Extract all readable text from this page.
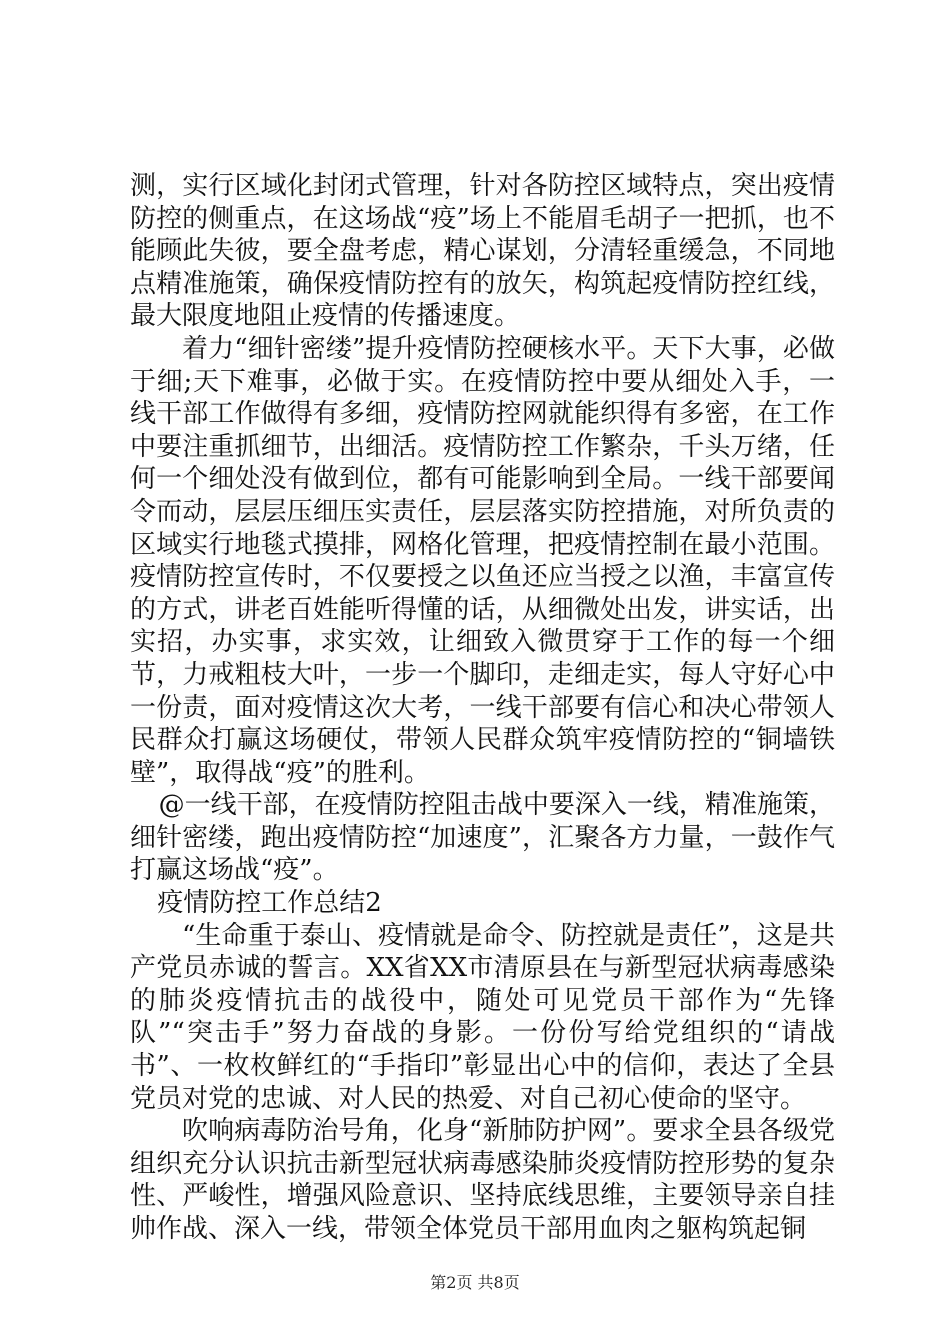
测，实行区域化封闭式管理，针对各防控区域特点，突出疫情防控的侧重点，在这场战“疫”场上不能眉毛胡子一把抓，也不能顾此失彼，要全盘考虑，精心谋划，分清轻重缓急，不同地点精准施策，确保疫情防控有的放矢，构筑起疫情防控红线，最大限度地阻止疫情的传播速度。

着力“细针密缕”提升疫情防控硬核水平。天下大事，必做于细;天下难事，必做于实。在疫情防控中要从细处入手，一线干部工作做得有多细，疫情防控网就能织得有多密，在工作中要注重抓细节，出细活。疫情防控工作繁杂，千头万绪，任何一个细处没有做到位，都有可能影响到全局。一线干部要闻令而动，层层压细压实责任，层层落实防控措施，对所负责的区域实行地毯式摸排，网格化管理，把疫情控制在最小范围。疫情防控宣传时，不仅要授之以鱼还应当授之以渔，丰富宣传的方式，讲老百姓能听得懂的话，从细微处出发，讲实话，出实招，办实事，求实效，让细致入微贯穿于工作的每一个细节，力戒粗枝大叶，一步一个脚印，走细走实，每人守好心中一份责，面对疫情这次大考，一线干部要有信心和决心带领人民群众打赢这场硬仗，带领人民群众筑牢疫情防控的“铜墙铁壁”，取得战“疫”的胜利。

@一线干部，在疫情防控阻击战中要深入一线，精准施策，细针密缕，跑出疫情防控“加速度”，汇聚各方力量，一鼓作气打赢这场战“疫”。

疫情防控工作总结2

“生命重于泰山、疫情就是命令、防控就是责任”，这是共产党员赤诚的誓言。XX省XX市清原县在与新型冠状病毒感染的肺炎疫情抗击的战役中，随处可见党员干部作为“先锋队”“突击手”努力奋战的身影。一份份写给党组织的“请战书”、一枚枚鲜红的“手指印”彰显出心中的信仰，表达了全县党员对党的忠诚、对人民的热爱、对自己初心使命的坚守。

吹响病毒防治号角，化身“新肺防护网”。要求全县各级党组织充分认识抗击新型冠状病毒感染肺炎疫情防控形势的复杂性、严峻性，增强风险意识、坚持底线思维，主要领导亲自挂帅作战、深入一线，带领全体党员干部用血肉之躯构筑起铜

第2页 共8页
